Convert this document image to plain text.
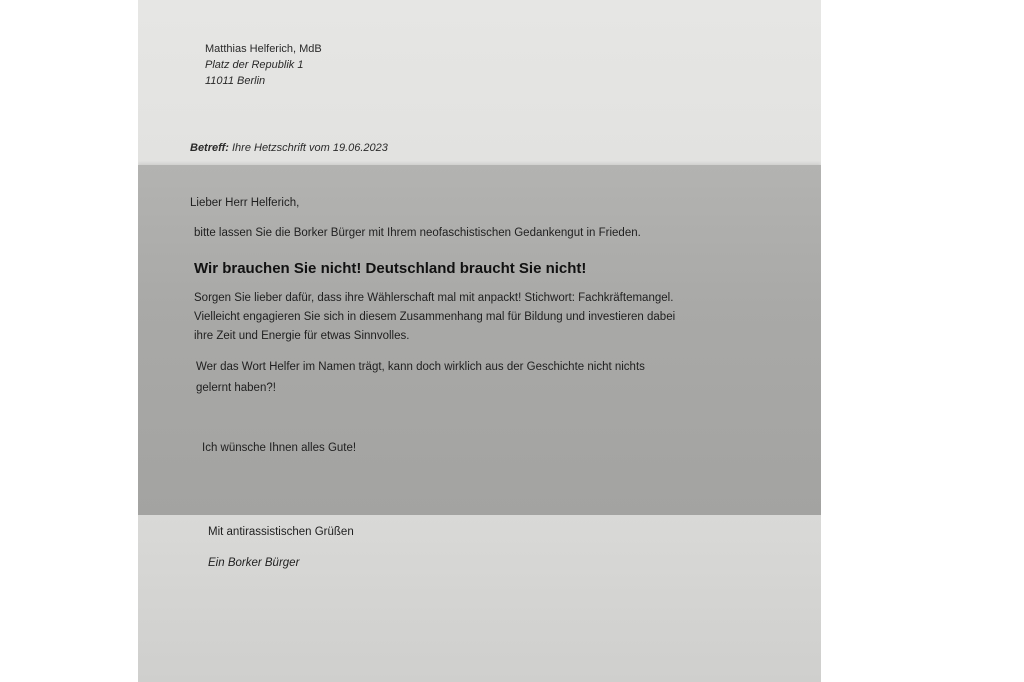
Matthias Helferich, MdB
Platz der Republik 1
11011 Berlin
Betreff: Ihre Hetzschrift vom 19.06.2023
Lieber Herr Helferich,
bitte lassen Sie die Borker Bürger mit Ihrem neofaschistischen Gedankengut in Frieden.
Wir brauchen Sie nicht! Deutschland braucht Sie nicht!
Sorgen Sie lieber dafür, dass ihre Wählerschaft mal mit anpackt! Stichwort: Fachkräftemangel.
Vielleicht engagieren Sie sich in diesem Zusammenhang mal für Bildung und investieren dabei
ihre Zeit und Energie für etwas Sinnvolles.
Wer das Wort Helfer im Namen trägt, kann doch wirklich aus der Geschichte nicht nichts
gelernt haben?!
Ich wünsche Ihnen alles Gute!
Mit antirassistischen Grüßen
Ein Borker Bürger
